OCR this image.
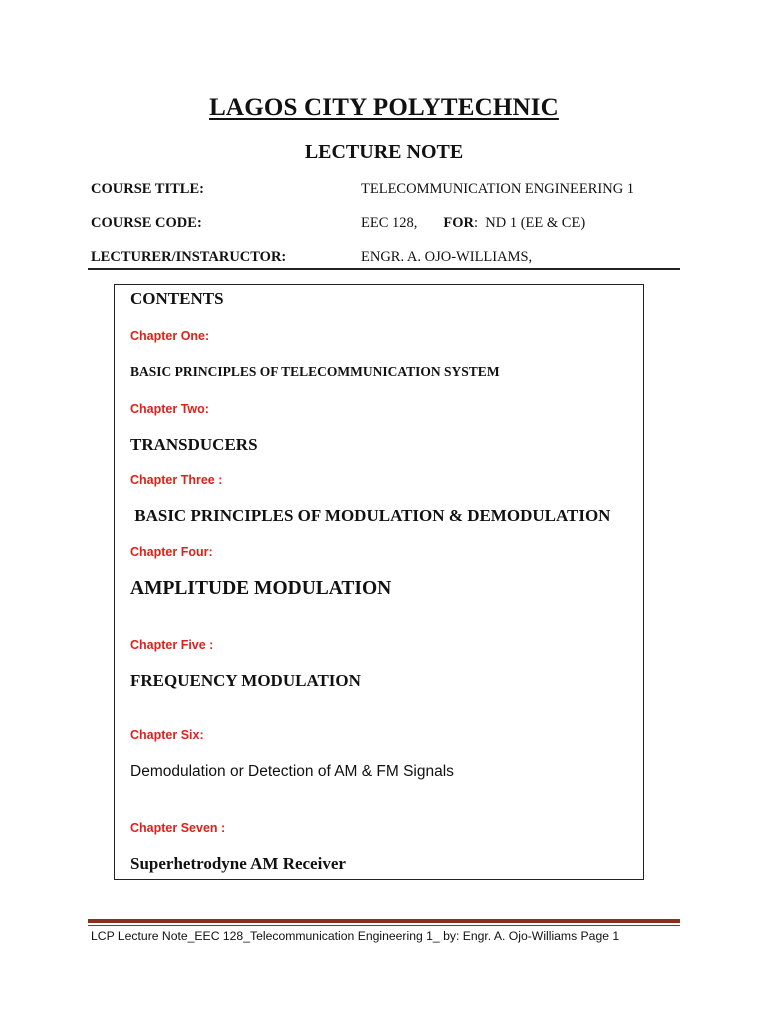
LAGOS CITY POLYTECHNIC
LECTURE NOTE
COURSE TITLE:	TELECOMMUNICATION ENGINEERING 1
COURSE CODE:	EEC 128, FOR:  ND 1 (EE & CE)
LECTURER/INSTARUCTOR:	ENGR. A. OJO-WILLIAMS,
CONTENTS
Chapter One:
BASIC PRINCIPLES OF TELECOMMUNICATION SYSTEM
Chapter Two:
TRANSDUCERS
Chapter Three :
BASIC PRINCIPLES OF MODULATION & DEMODULATION
Chapter Four:
AMPLITUDE MODULATION
Chapter Five :
FREQUENCY MODULATION
Chapter Six:
Demodulation or Detection of AM & FM Signals
Chapter Seven :
Superhetrodyne AM Receiver
LCP Lecture Note_EEC 128_Telecommunication Engineering 1_ by: Engr. A. Ojo-Williams Page 1
